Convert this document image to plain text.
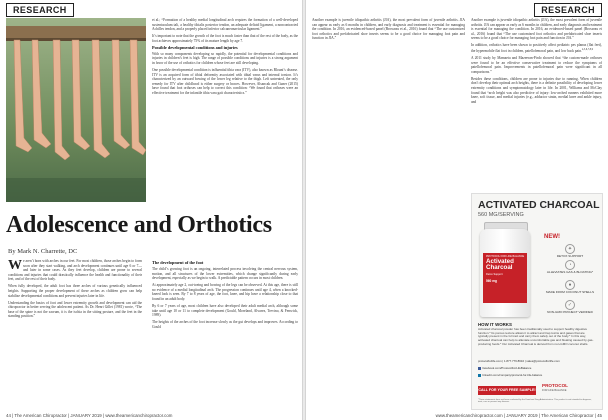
RESEARCH

et al.; “Formation of a healthy medial longitudinal arch requires the formation of a well-developed sustentaculum tali, a healthy tibialis posterior tendon, an adequate deltoid ligament, a noncontracted Achilles tendon, and a properly placed inferior calcaneonavicular ligament.”

It’s important to note that the growth of the foot is much faster than that of the rest of the body, as the foot achieves approximately 75% of its mature length by age 7.

Possible developmental conditions and injuries

With so many components developing so rapidly, the potential for developmental conditions and injuries in children’s feet is high. The range of possible conditions and injuries is a strong argument in favor of the use of orthotics for children whose feet are still developing.

One possible developmental condition is influential tibia vara (ITV), also known as Blount’s disease. ITV is an acquired form of tibial deformity associated with tibial varus and internal torsion. It’s characterized by an outward bowing of the lower leg relative to the thigh. Left untreated, the only remedy for ITV after childhood is either surgery or braces. However, Alsancak and Guner (2015) have found that foot orthoses can help to correct this condition: “We found that orthoses were an effective treatment for the infantile tibia vara gait characteristics.”

Adolescence and Orthotics
By Mark N. Charrette, DC

We aren’t born with arches in our feet. For most children, those arches begin to form soon after they start walking, and arch development continues until age 6 or 7—and later in some cases. As they feet develop, children are prone to several conditions and injuries that could drastically influence the health and functionality of their feet, and of the rest of their body.

When fully developed, the adult foot has three arches of various genetically influenced heights. Supporting the proper development of these arches as children grow can help stabilize developmental conditions and prevent injuries later in life.

Understanding the basics of foot and lower extremity growth and development can aid the chiropractor in better serving the adolescent patient. As Dr. Henri Gillet (1981) wrote, “The base of the spine is not the sacrum, it is the ischia in the sitting posture, and the feet in the standing position.”

The development of the foot

The child’s growing foot is an ongoing, interrelated process involving the central nervous system, motion, and all structures of the lower extremities, which change significantly during early development, especially as we begin to walk. A predictable pattern occurs in most children.

At approximately age 2, out-toeing and bowing of the legs can be observed. At this age, there is still no evidence of a medial longitudinal arch. The progression continues until age 4, when a knocked-kneed look is seen. By 7 to 8 years of age, the foot, knee, and hip have a relationship close to that found in an adult body.

By 6 or 7 years of age, most children have also developed their adult medial arch, although some take until age 10 or 11 to complete development (Gould, Moreland, Alvarez, Trevino, & Fenwick, 1989).

The heights of the arches of the foot increase slowly as the gut develops and improves. According to Gould

44 | The American Chiropractor | JANUARY 2019 | www.theamericanchiropractor.com
RESEARCH

Another example is juvenile idiopathic arthritis (JIA), the most prevalent form of juvenile arthritis. JIA can appear as early as 6 months in children, and early diagnosis and treatment is essential for managing the condition. In 2016, an evidenced-based panel (Brosseau et al., 2016) found that “The use customized foot orthotics and prefabricated shoe inserts seems to be a good choice for managing foot pain and function in JIA.”

In addition, orthotics have been shown to positively affect pediatric pes planus (flat feet), the hypermobile flat foot in children, patellofemoral pain, and low back pain.$^{4,5,6,7,8,9}$

A 2011 study by Mamaeta and Mazeeran-Pirdo showed that “the custom-made orthoses were found to be an effective conservative treatment to reduce the symptoms of patellofemoral pain. Improvements in patellofemoral pain were significant in all comparisons.”

Besides these conditions, children are prone to injuries due to running. When children don’t develop their optimal arch heights, there is a definite possibility of developing lower extremity conditions and symptomatology later in life. In 2001, Williams and McClay found that “arch height was also predictive of injury: low-arched runners exhibited more knee, soft tissue, and medial injuries (e.g., adductor strain, medial knee and ankle injury, and

Another example is juvenile idiopathic arthritis (JIA), the most prevalent form of juvenile arthritis. JIA can appear as early as 6 months in children, and early diagnosis and treatment is essential for managing the condition. In 2016, an evidenced-based panel (Brosseau et al., 2016) found that “The use customized foot orthotics and prefabricated shoe inserts seems to be a good choice for managing foot pain and function in JIA.”

ACTIVATED CHARCOAL
560 MG/SERVING
PROTOCOL FOR LIFE BALANCE
Activated Charcoal
Detox Support
560 mg
NEW!
✦
DETOX SUPPORT
◔
ALLEVIATES GAS & BLOATING*
●
MADE FROM COCONUT SHELLS
✓
NON-GMO PROJECT VERIFIED
HOW IT WORKS
Activated charcoal powder has been traditionally used to support healthy digestive function.* Its porous texture allows it to attract and trap toxins and gases that are typically present in the GI tract and carry them safely out of the body.* In this way, activated charcoal can help to alleviate uncomfortable gas and bloating caused by gas-producing foods.* Our Activated Charcoal is derived from non-GMO coconut shells.
protocolforlife.com | 1.877.776.8610 | sales@protocolforlife.com
facebook.com/ProtocolForLifeBalance
linkedin.com/company/protocol-for-life-balance
CALL FOR YOUR FREE SAMPLE!
PROTOCOL
FOR LIFE BALANCE
*These statements have not been evaluated by the Food and Drug Administration. This product is not intended to diagnose, treat, cure or prevent any disease.
www.theamericanchiropractor.com | JANUARY 2019 | The American Chiropractor | 45
